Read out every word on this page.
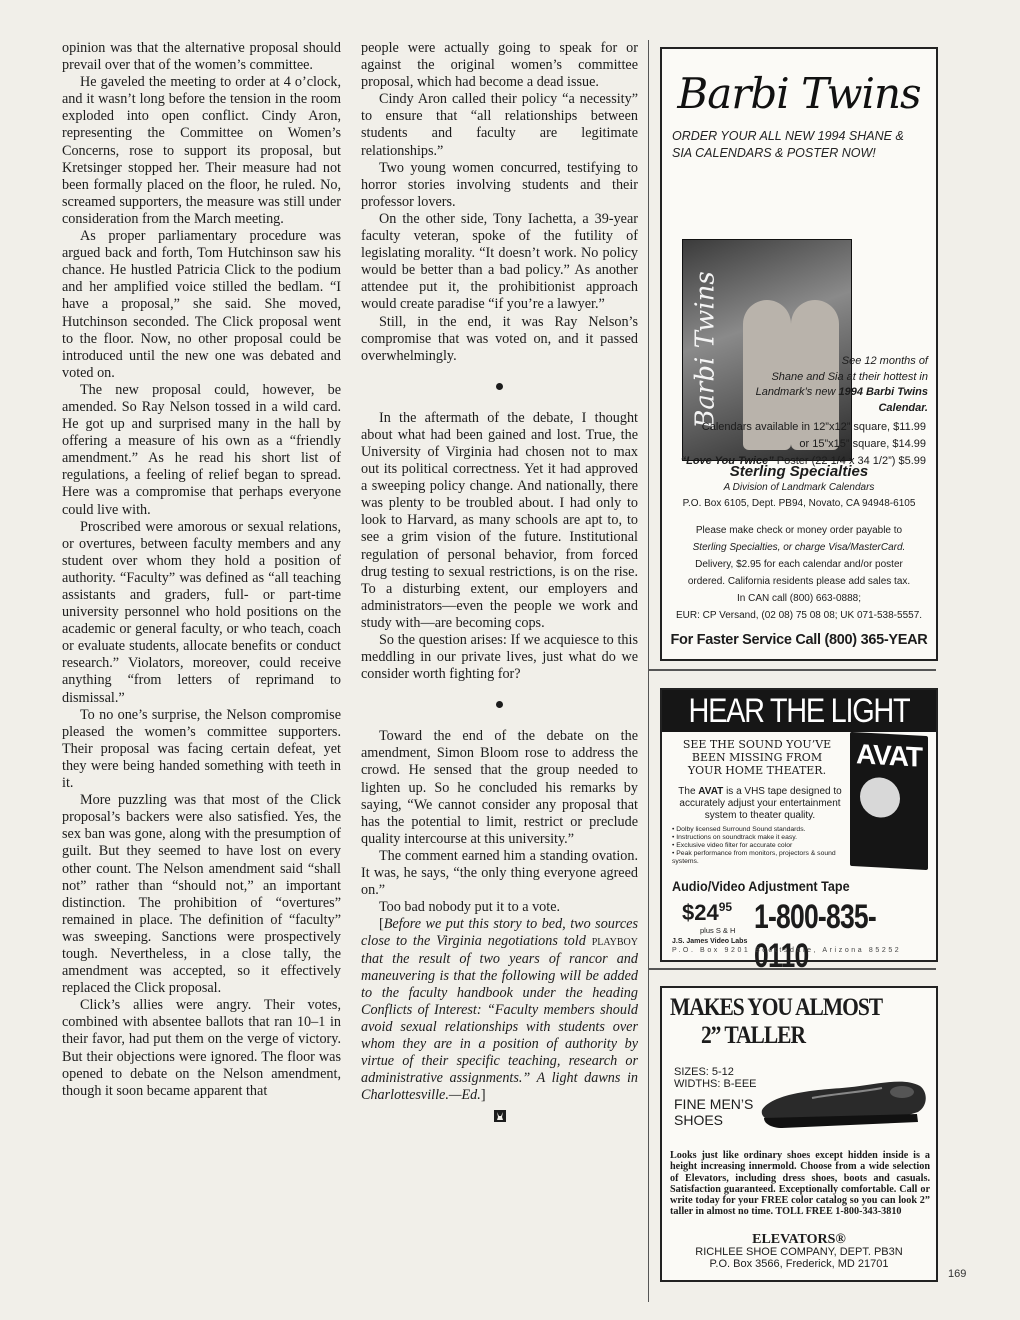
opinion was that the alternative proposal should prevail over that of the women’s committee.

He gaveled the meeting to order at 4 o’clock, and it wasn’t long before the tension in the room exploded into open conflict. Cindy Aron, representing the Committee on Women’s Concerns, rose to support its proposal, but Kretsinger stopped her. Their measure had not been formally placed on the floor, he ruled. No, screamed supporters, the measure was still under consideration from the March meeting.

As proper parliamentary procedure was argued back and forth, Tom Hutchinson saw his chance. He hustled Patricia Click to the podium and her amplified voice stilled the bedlam. “I have a proposal,” she said. She moved, Hutchinson seconded. The Click proposal went to the floor. Now, no other proposal could be introduced until the new one was debated and voted on.

The new proposal could, however, be amended. So Ray Nelson tossed in a wild card. He got up and surprised many in the hall by offering a measure of his own as a “friendly amendment.” As he read his short list of regulations, a feeling of relief began to spread. Here was a compromise that perhaps everyone could live with.

Proscribed were amorous or sexual relations, or overtures, between faculty members and any student over whom they hold a position of authority. “Faculty” was defined as “all teaching assistants and graders, full- or part-time university personnel who hold positions on the academic or general faculty, or who teach, coach or evaluate students, allocate benefits or conduct research.” Violators, moreover, could receive anything “from letters of reprimand to dismissal.”

To no one’s surprise, the Nelson compromise pleased the women’s committee supporters. Their proposal was facing certain defeat, yet they were being handed something with teeth in it.

More puzzling was that most of the Click proposal’s backers were also satisfied. Yes, the sex ban was gone, along with the presumption of guilt. But they seemed to have lost on every other count. The Nelson amendment said “shall not” rather than “should not,” an important distinction. The prohibition of “overtures” remained in place. The definition of “faculty” was sweeping. Sanctions were prospectively tough. Nevertheless, in a close tally, the amendment was accepted, so it effectively replaced the Click proposal.

Click’s allies were angry. Their votes, combined with absentee ballots that ran 10–1 in their favor, had put them on the verge of victory. But their objections were ignored. The floor was opened to debate on the Nelson amendment, though it soon became apparent that

people were actually going to speak for or against the original women’s committee proposal, which had become a dead issue.

Cindy Aron called their policy “a necessity” to ensure that “all relationships between students and faculty are legitimate relationships.”

Two young women concurred, testifying to horror stories involving students and their professor lovers.

On the other side, Tony Iachetta, a 39-year faculty veteran, spoke of the futility of legislating morality. “It doesn’t work. No policy would be better than a bad policy.” As another attendee put it, the prohibitionist approach would create paradise “if you’re a lawyer.”

Still, in the end, it was Ray Nelson’s compromise that was voted on, and it passed overwhelmingly.

In the aftermath of the debate, I thought about what had been gained and lost. True, the University of Virginia had chosen not to max out its political correctness. Yet it had approved a sweeping policy change. And nationally, there was plenty to be troubled about. I had only to look to Harvard, as many schools are apt to, to see a grim vision of the future. Institutional regulation of personal behavior, from forced drug testing to sexual restrictions, is on the rise. To a disturbing extent, our employers and administrators—even the people we work and study with—are becoming cops.

So the question arises: If we acquiesce to this meddling in our private lives, just what do we consider worth fighting for?

Toward the end of the debate on the amendment, Simon Bloom rose to address the crowd. He sensed that the group needed to lighten up. So he concluded his remarks by saying, “We cannot consider any proposal that has the potential to limit, restrict or preclude quality intercourse at this university.”

The comment earned him a standing ovation. It was, he says, “the only thing everyone agreed on.”

Too bad nobody put it to a vote.

[Before we put this story to bed, two sources close to the Virginia negotiations told playboy that the result of two years of rancor and maneuvering is that the following will be added to the faculty handbook under the heading Conflicts of Interest: “Faculty members should avoid sexual relationships with students over whom they are in a position of authority by virtue of their specific teaching, research or administrative assignments.” A light dawns in Charlottesville.—Ed.]

Barbi Twins
ORDER YOUR ALL NEW 1994 SHANE & SIA CALENDARS & POSTER NOW!
Barbi Twins	See 12 months of
Shane and Sia at their hottest in
Landmark’s new 1994 Barbi Twins Calendar.
Calendars available in 12”x12” square, $11.99
or 15”x15” square, $14.99
“Love You Twice” Poster (22 1/4 x 34 1/2”) $5.99
Sterling Specialties
A Division of Landmark Calendars
P.O. Box 6105, Dept. PB94, Novato, CA 94948-6105
Please make check or money order payable to
Sterling Specialties, or charge Visa/MasterCard.
Delivery, $2.95 for each calendar and/or poster
ordered. California residents please add sales tax.
In CAN call (800) 663-0888;
EUR: CP Versand, (02 08) 75 08 08; UK 071-538-5557.
For Faster Service Call (800) 365-YEAR
HEAR THE LIGHT
SEE THE SOUND YOU’VE
BEEN MISSING FROM
YOUR HOME THEATER.	AVAT
The AVAT is a VHS tape designed to accurately adjust your entertainment system to theater quality.
• Dolby licensed Surround Sound standards.
• Instructions on soundtrack make it easy.
• Exclusive video filter for accurate color
• Peak performance from monitors, projectors & sound systems.
Audio/Video Adjustment Tape
$\$24^{95}$
plus S & H 1-800-835-0110
J.S. James Video Labs
P.O. Box 9201 Scottsdale, Arizona 85252
MAKES YOU ALMOST
2” TALLER
SIZES: 5-12
WIDTHS: B-EEE
FINE MEN’S
SHOES
Looks just like ordinary shoes except hidden inside is a height increasing innermold. Choose from a wide selection of Elevators, including dress shoes, boots and casuals. Satisfaction guaranteed. Exceptionally comfortable. Call or write today for your FREE color catalog so you can look 2” taller in almost no time. TOLL FREE 1-800-343-3810
ELEVATORS®
RICHLEE SHOE COMPANY, DEPT. PB3N
P.O. Box 3566, Frederick, MD 21701
169
